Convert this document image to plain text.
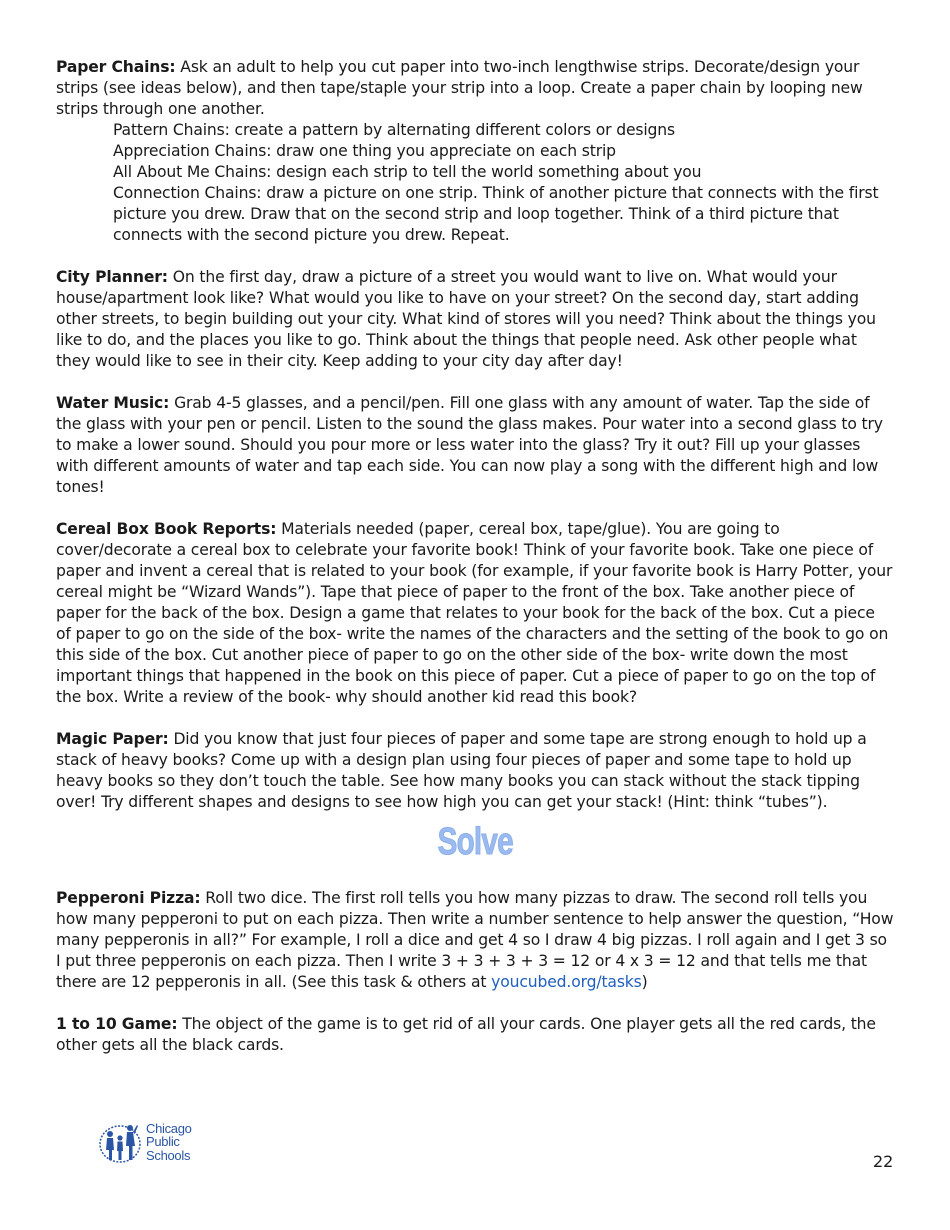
Paper Chains: Ask an adult to help you cut paper into two-inch lengthwise strips. Decorate/design your strips (see ideas below), and then tape/staple your strip into a loop. Create a paper chain by looping new strips through one another.

Pattern Chains: create a pattern by alternating different colors or designs
Appreciation Chains: draw one thing you appreciate on each strip
All About Me Chains: design each strip to tell the world something about you
Connection Chains: draw a picture on one strip. Think of another picture that connects with the first picture you drew. Draw that on the second strip and loop together. Think of a third picture that connects with the second picture you drew. Repeat.

City Planner: On the first day, draw a picture of a street you would want to live on. What would your house/apartment look like? What would you like to have on your street? On the second day, start adding other streets, to begin building out your city. What kind of stores will you need? Think about the things you like to do, and the places you like to go. Think about the things that people need. Ask other people what they would like to see in their city. Keep adding to your city day after day!

Water Music: Grab 4-5 glasses, and a pencil/pen. Fill one glass with any amount of water. Tap the side of the glass with your pen or pencil. Listen to the sound the glass makes. Pour water into a second glass to try to make a lower sound. Should you pour more or less water into the glass? Try it out? Fill up your glasses with different amounts of water and tap each side. You can now play a song with the different high and low tones!

Cereal Box Book Reports: Materials needed (paper, cereal box, tape/glue). You are going to cover/decorate a cereal box to celebrate your favorite book! Think of your favorite book. Take one piece of paper and invent a cereal that is related to your book (for example, if your favorite book is Harry Potter, your cereal might be “Wizard Wands”). Tape that piece of paper to the front of the box. Take another piece of paper for the back of the box. Design a game that relates to your book for the back of the box. Cut a piece of paper to go on the side of the box- write the names of the characters and the setting of the book to go on this side of the box. Cut another piece of paper to go on the other side of the box- write down the most important things that happened in the book on this piece of paper. Cut a piece of paper to go on the top of the box. Write a review of the book- why should another kid read this book?

Magic Paper: Did you know that just four pieces of paper and some tape are strong enough to hold up a stack of heavy books? Come up with a design plan using four pieces of paper and some tape to hold up heavy books so they don’t touch the table. See how many books you can stack without the stack tipping over! Try different shapes and designs to see how high you can get your stack! (Hint: think “tubes”).

Solve

Pepperoni Pizza: Roll two dice. The first roll tells you how many pizzas to draw. The second roll tells you how many pepperoni to put on each pizza. Then write a number sentence to help answer the question, “How many pepperonis in all?” For example, I roll a dice and get 4 so I draw 4 big pizzas. I roll again and I get 3 so I put three pepperonis on each pizza. Then I write 3 + 3 + 3 + 3 = 12 or 4 x 3 = 12 and that tells me that there are 12 pepperonis in all. (See this task & others at youcubed.org/tasks)

1 to 10 Game: The object of the game is to get rid of all your cards. One player gets all the red cards, the other gets all the black cards.

Chicago
Public
Schools	22
